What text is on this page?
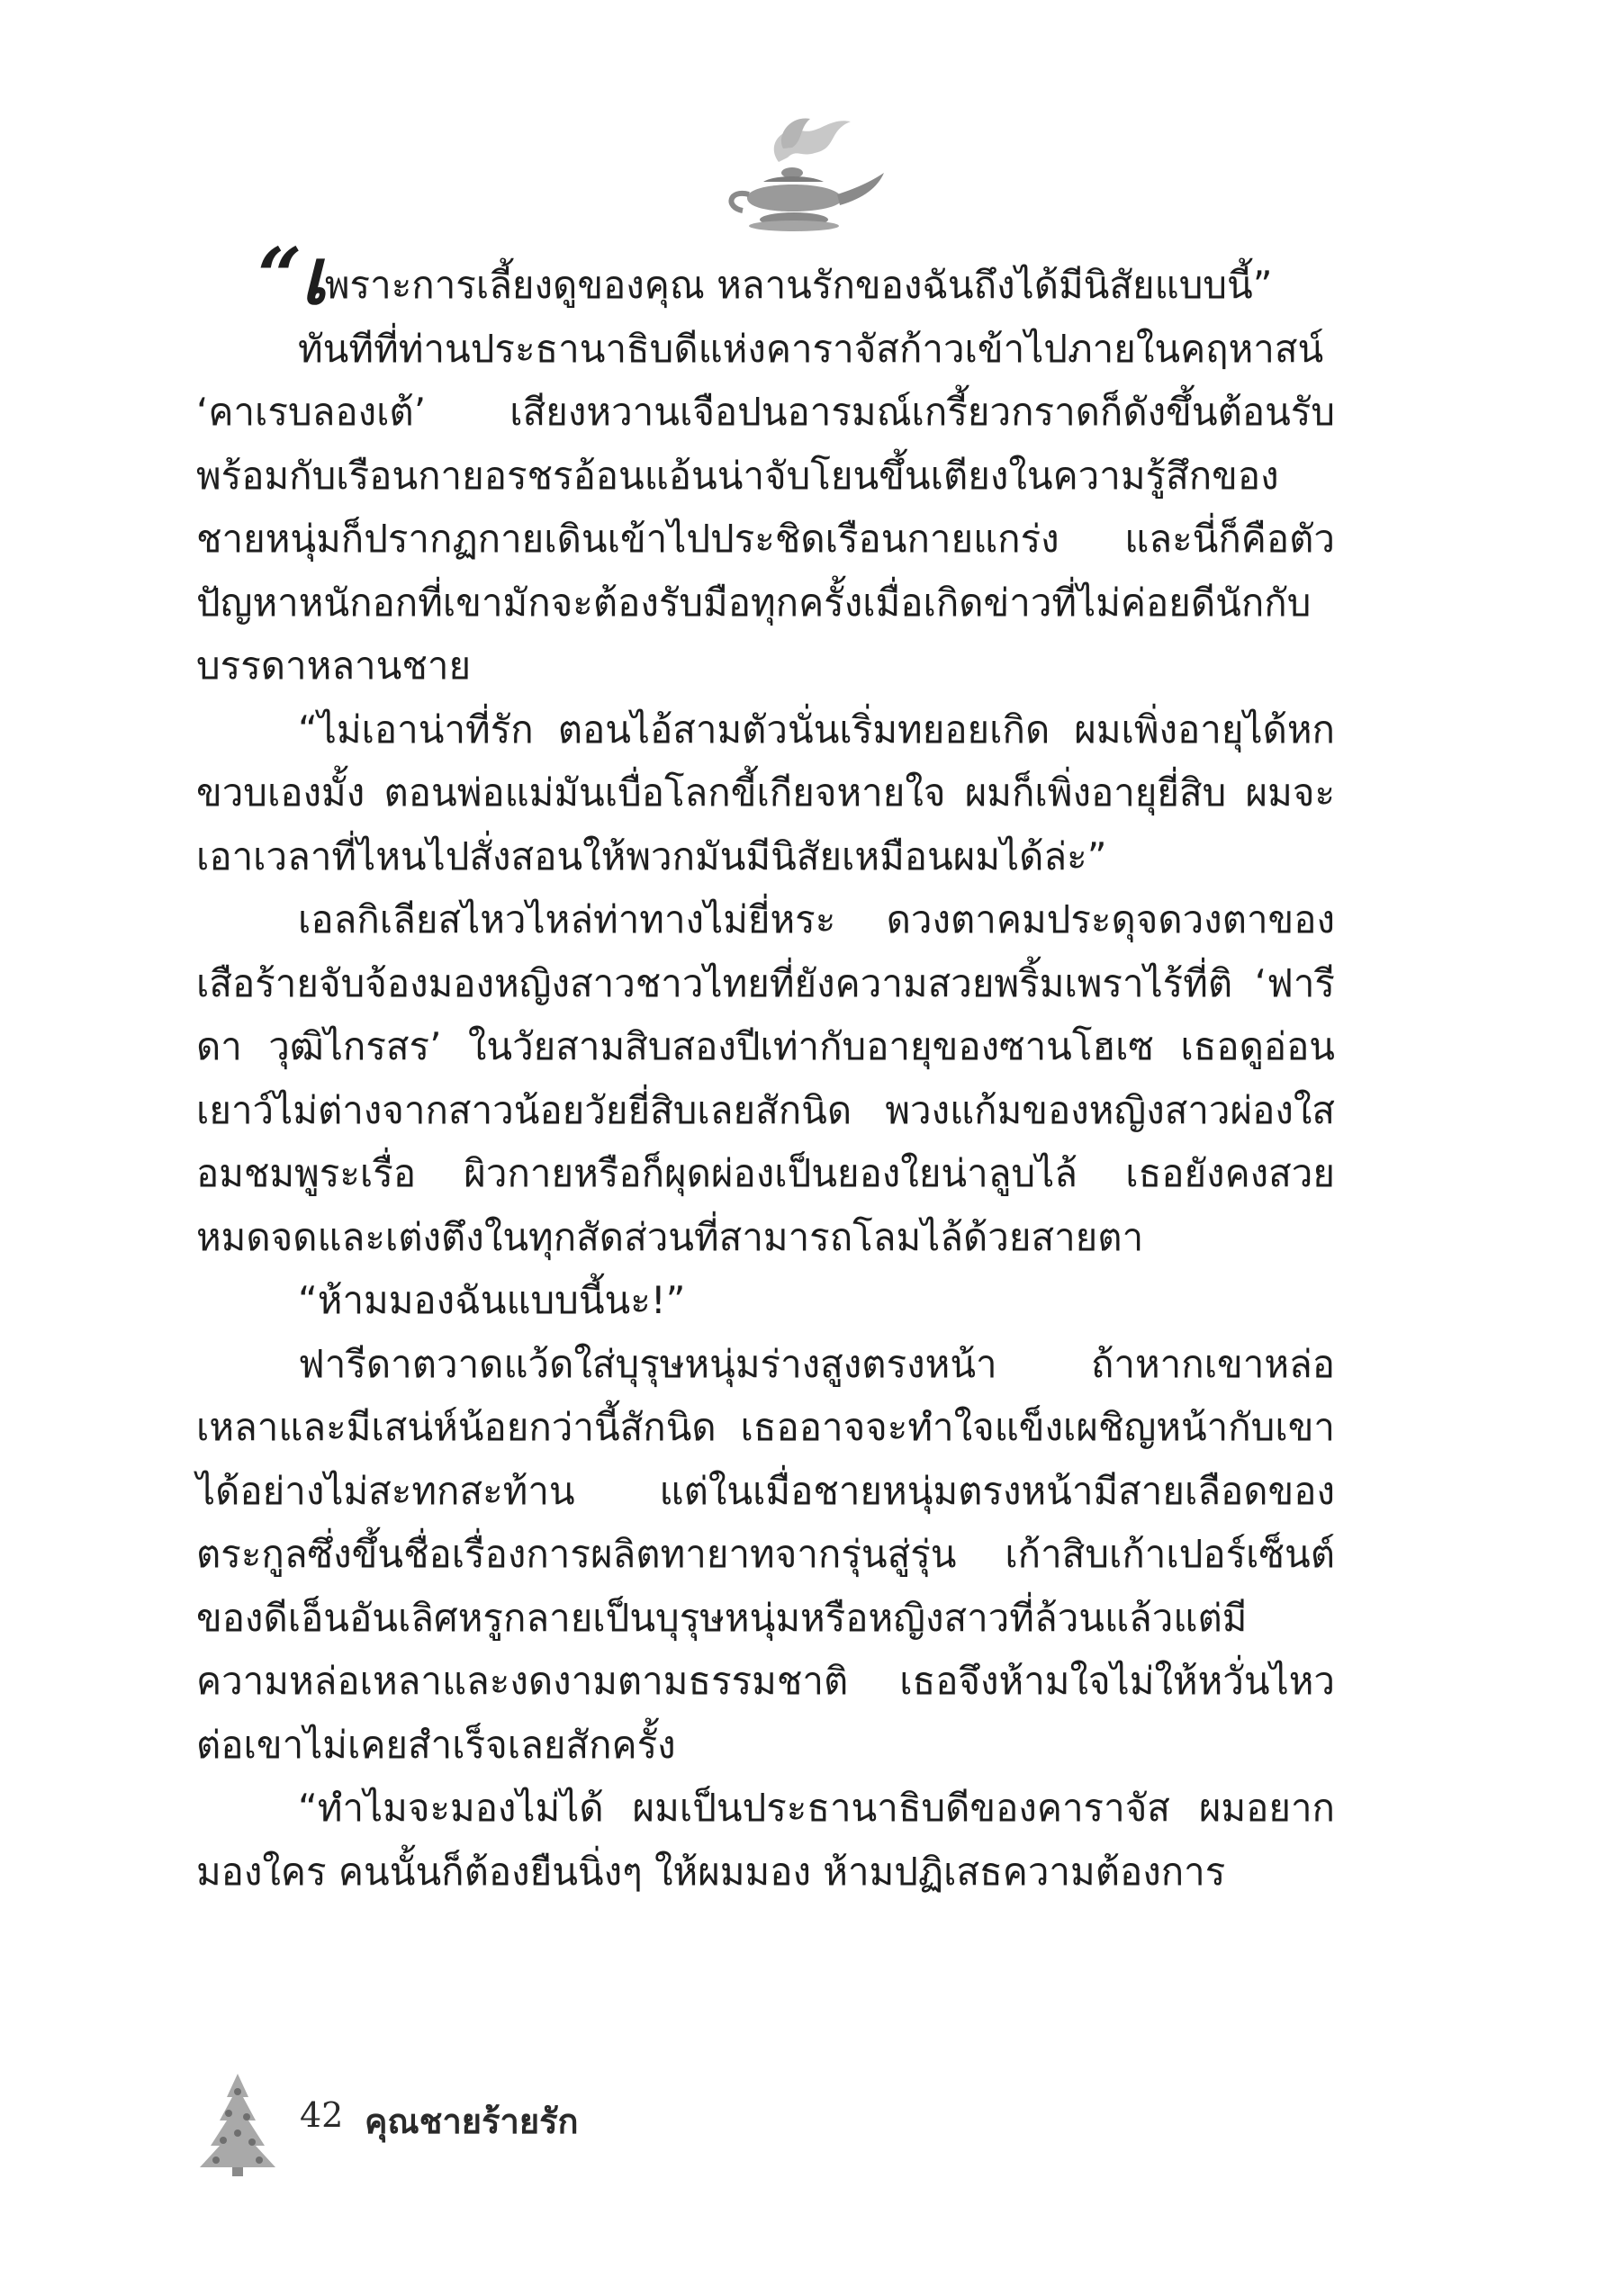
“เพราะการเลี้ยงดูของคุณ หลานรักของฉันถึงได้มีนิสัยแบบนี้”

ทันทีที่ท่านประธานาธิบดีแห่งคาราจัสก้าวเข้าไปภายในคฤหาสน์ ‘คาเรบลองเต้’ เสียงหวานเจือปนอารมณ์เกรี้ยวกราดก็ดังขึ้นต้อนรับ พร้อมกับเรือนกายอรชรอ้อนแอ้นน่าจับโยนขึ้นเตียงในความรู้สึกของชายหนุ่มก็ปรากฏกายเดินเข้าไปประชิดเรือนกายแกร่ง และนี่ก็คือตัวปัญหาหนักอกที่เขามักจะต้องรับมือทุกครั้งเมื่อเกิดข่าวที่ไม่ค่อยดีนักกับบรรดาหลานชาย

“ไม่เอาน่าที่รัก ตอนไอ้สามตัวนั่นเริ่มทยอยเกิด ผมเพิ่งอายุได้หกขวบเองมั้ง ตอนพ่อแม่มันเบื่อโลกขี้เกียจหายใจ ผมก็เพิ่งอายุยี่สิบ ผมจะเอาเวลาที่ไหนไปสั่งสอนให้พวกมันมีนิสัยเหมือนผมได้ล่ะ”

เอลกิเลียสไหวไหล่ท่าทางไม่ยี่หระ ดวงตาคมประดุจดวงตาของเสือร้ายจับจ้องมองหญิงสาวชาวไทยที่ยังความสวยพริ้มเพราไร้ที่ติ ‘ฟารีดา วุฒิไกรสร’ ในวัยสามสิบสองปีเท่ากับอายุของซานโฮเซ เธอดูอ่อนเยาว์ไม่ต่างจากสาวน้อยวัยยี่สิบเลยสักนิด พวงแก้มของหญิงสาวผ่องใสอมชมพูระเรื่อ ผิวกายหรือก็ผุดผ่องเป็นยองใยน่าลูบไล้ เธอยังคงสวยหมดจดและเต่งตึงในทุกสัดส่วนที่สามารถโลมไล้ด้วยสายตา

“ห้ามมองฉันแบบนี้นะ!”

ฟารีดาตวาดแว้ดใส่บุรุษหนุ่มร่างสูงตรงหน้า ถ้าหากเขาหล่อเหลาและมีเสน่ห์น้อยกว่านี้สักนิด เธออาจจะทำใจแข็งเผชิญหน้ากับเขาได้อย่างไม่สะทกสะท้าน แต่ในเมื่อชายหนุ่มตรงหน้ามีสายเลือดของตระกูลซึ่งขึ้นชื่อเรื่องการผลิตทายาทจากรุ่นสู่รุ่น เก้าสิบเก้าเปอร์เซ็นต์ของดีเอ็นอันเลิศหรูกลายเป็นบุรุษหนุ่มหรือหญิงสาวที่ล้วนแล้วแต่มีความหล่อเหลาและงดงามตามธรรมชาติ เธอจึงห้ามใจไม่ให้หวั่นไหวต่อเขาไม่เคยสำเร็จเลยสักครั้ง

“ทำไมจะมองไม่ได้ ผมเป็นประธานาธิบดีของคาราจัส ผมอยากมองใคร คนนั้นก็ต้องยืนนิ่งๆ ให้ผมมอง ห้ามปฏิเสธความต้องการ

42 คุณชายร้ายรัก
